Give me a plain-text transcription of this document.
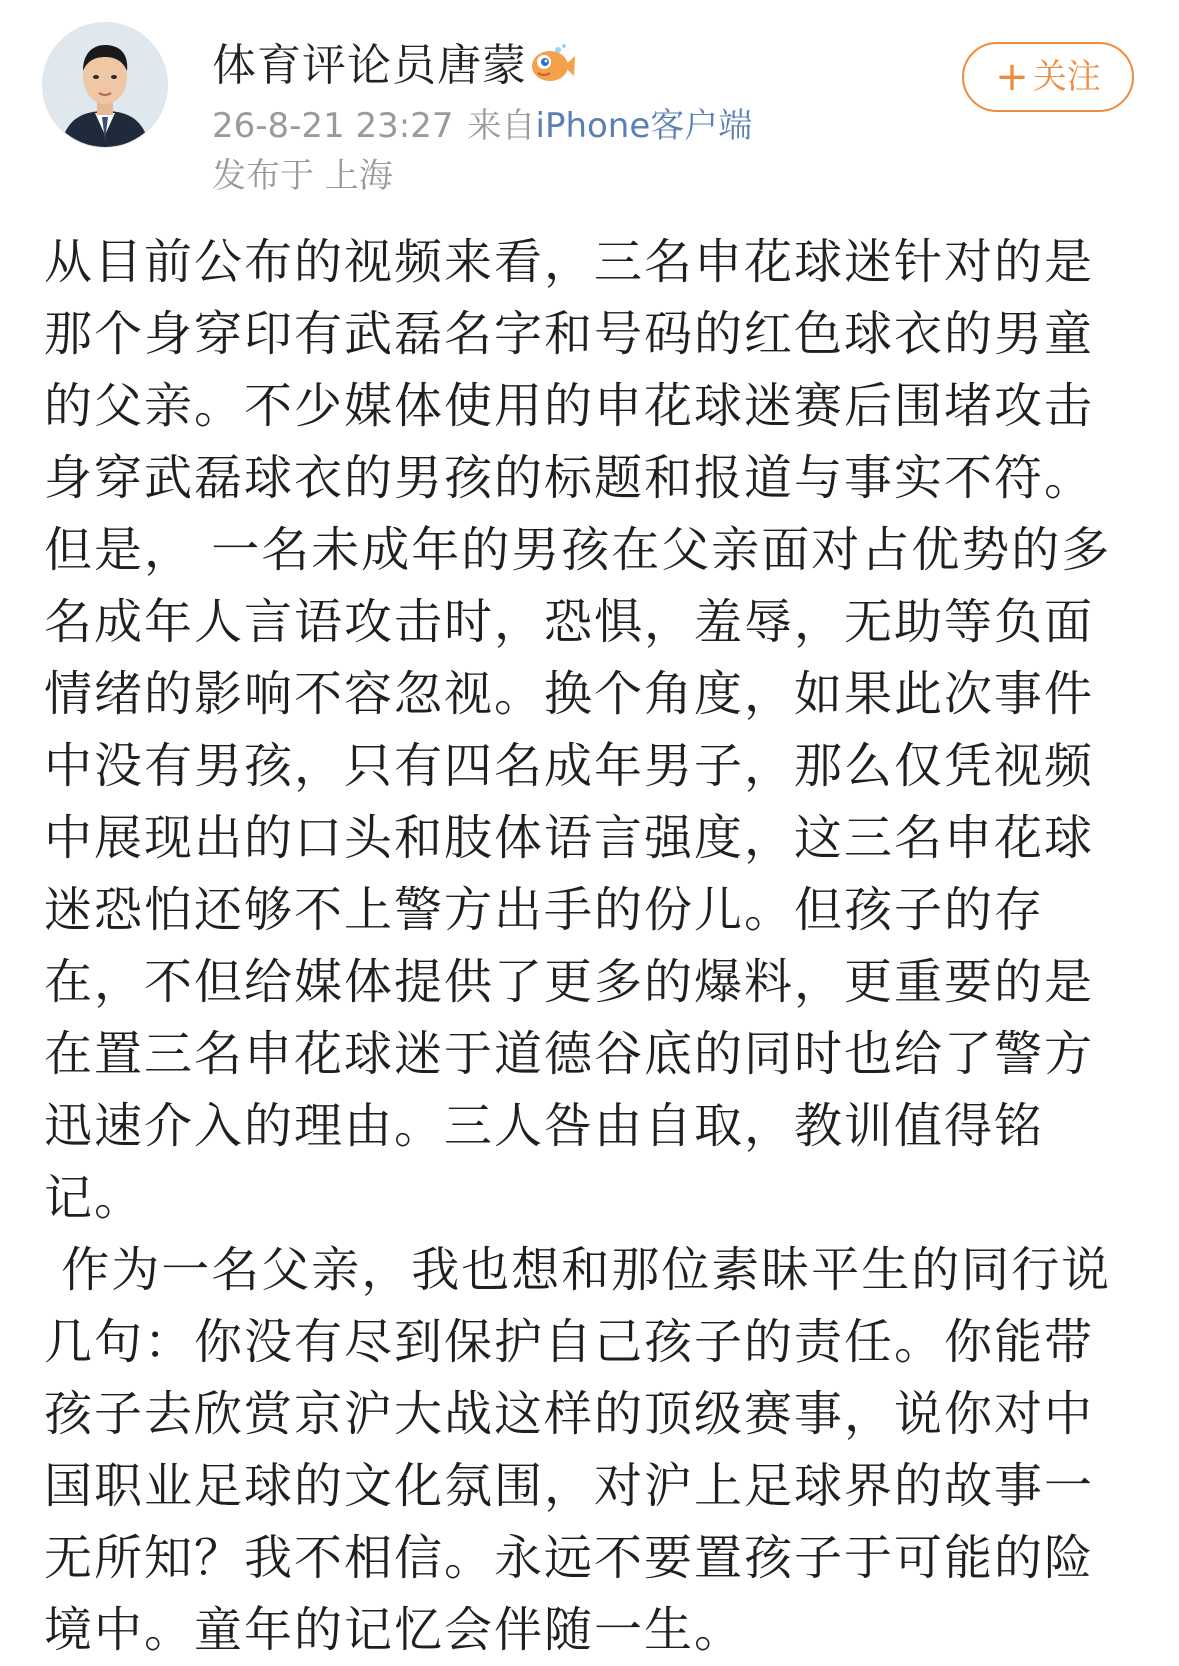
体育评论员唐蒙
26-8-21 23:27 来自iPhone客户端
发布于 上海
+ 关注

从目前公布的视频来看，三名申花球迷针对的是那个身穿印有武磊名字和号码的红色球衣的男童的父亲。不少媒体使用的申花球迷赛后围堵攻击身穿武磊球衣的男孩的标题和报道与事实不符。但是， 一名未成年的男孩在父亲面对占优势的多名成年人言语攻击时，恐惧，羞辱，无助等负面情绪的影响不容忽视。换个角度，如果此次事件中没有男孩，只有四名成年男子，那么仅凭视频中展现出的口头和肢体语言强度，这三名申花球迷恐怕还够不上警方出手的份儿。但孩子的存在，不但给媒体提供了更多的爆料，更重要的是在置三名申花球迷于道德谷底的同时也给了警方迅速介入的理由。三人咎由自取，教训值得铭记。

作为一名父亲，我也想和那位素昧平生的同行说几句：你没有尽到保护自己孩子的责任。你能带孩子去欣赏京沪大战这样的顶级赛事，说你对中国职业足球的文化氛围，对沪上足球界的故事一无所知？我不相信。永远不要置孩子于可能的险境中。童年的记忆会伴随一生。
